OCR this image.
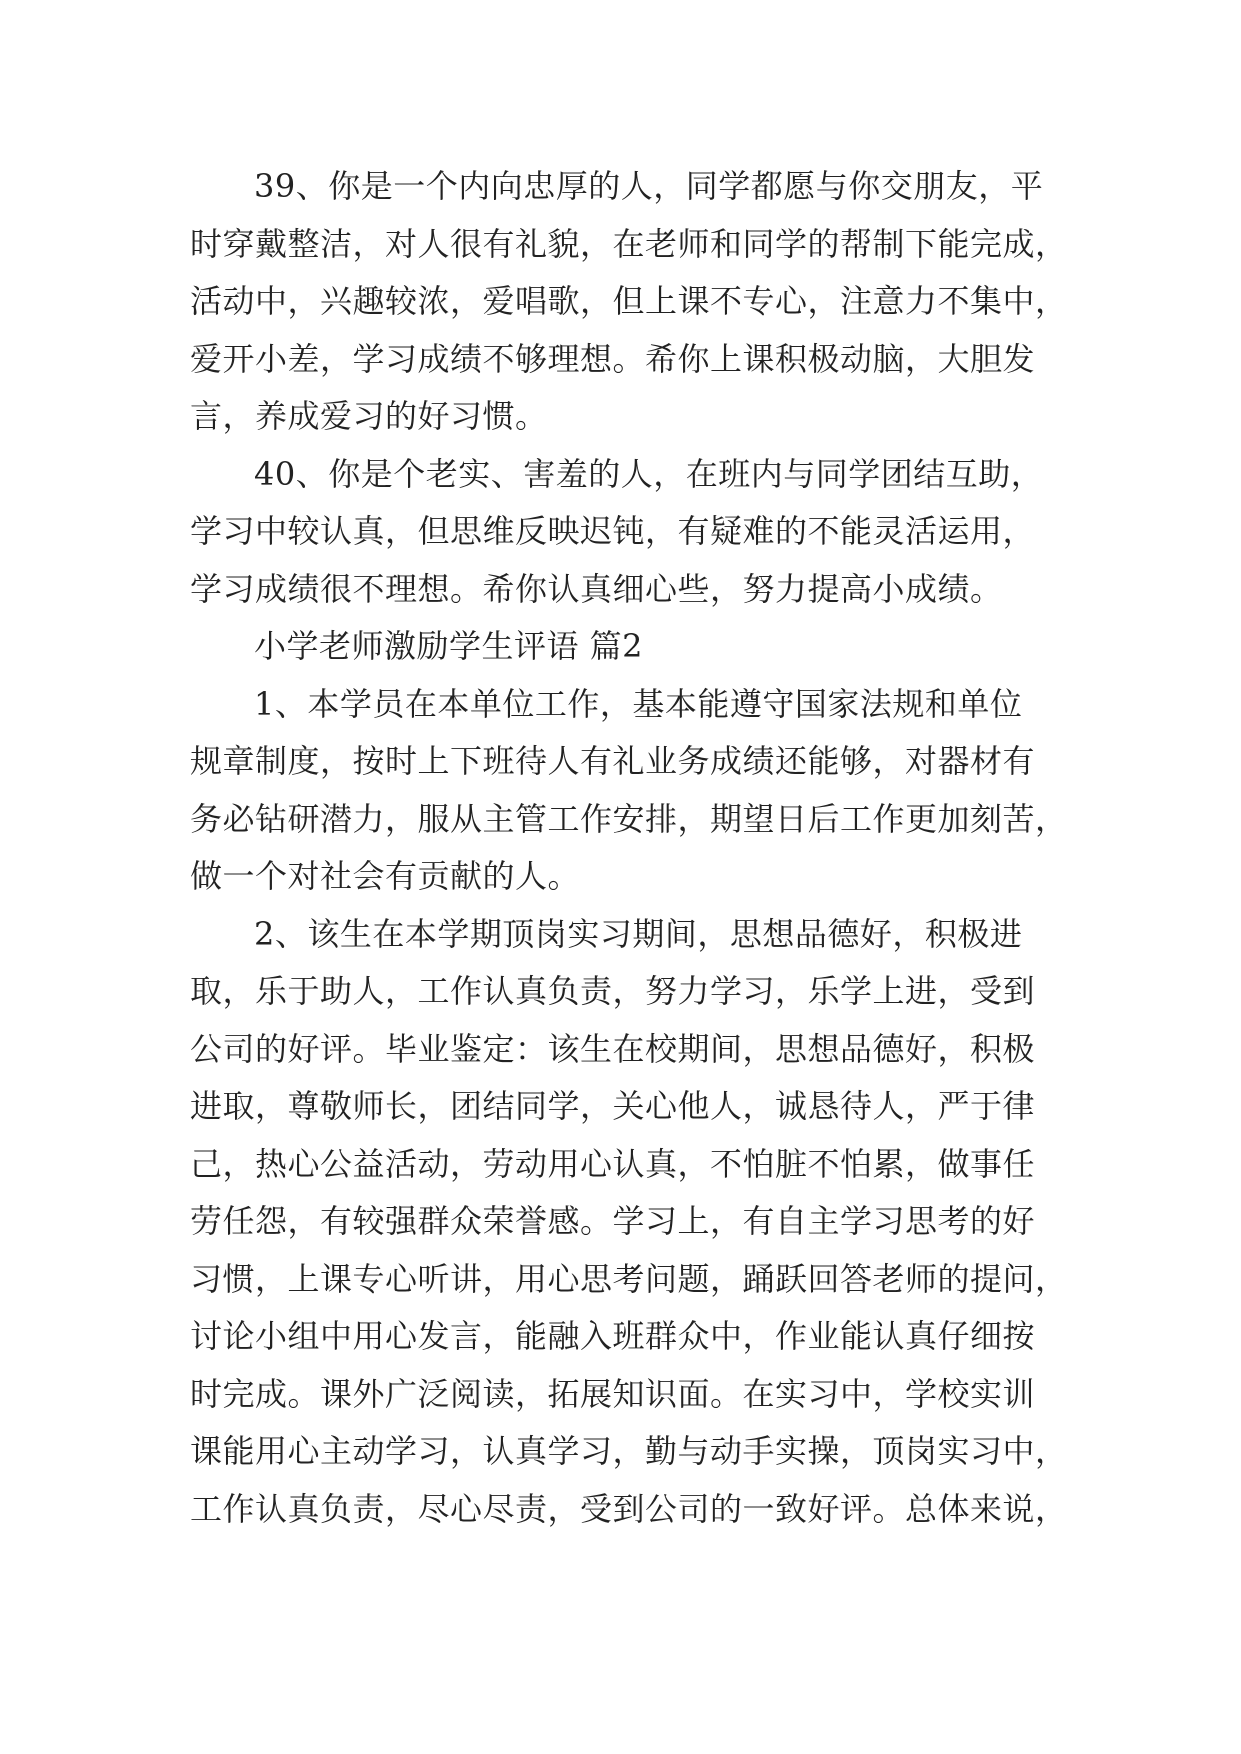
39、你是一个内向忠厚的人，同学都愿与你交朋友，平
时穿戴整洁，对人很有礼貌，在老师和同学的帮制下能完成，
活动中，兴趣较浓，爱唱歌，但上课不专心，注意力不集中，
爱开小差，学习成绩不够理想。希你上课积极动脑，大胆发
言，养成爱习的好习惯。
40、你是个老实、害羞的人，在班内与同学团结互助，
学习中较认真，但思维反映迟钝，有疑难的不能灵活运用，
学习成绩很不理想。希你认真细心些，努力提高小成绩。
小学老师激励学生评语 篇2
1、本学员在本单位工作，基本能遵守国家法规和单位
规章制度，按时上下班待人有礼业务成绩还能够，对器材有
务必钻研潜力，服从主管工作安排，期望日后工作更加刻苦，
做一个对社会有贡献的人。
2、该生在本学期顶岗实习期间，思想品德好，积极进
取，乐于助人，工作认真负责，努力学习，乐学上进，受到
公司的好评。毕业鉴定：该生在校期间，思想品德好，积极
进取，尊敬师长，团结同学，关心他人，诚恳待人，严于律
己，热心公益活动，劳动用心认真，不怕脏不怕累，做事任
劳任怨，有较强群众荣誉感。学习上，有自主学习思考的好
习惯，上课专心听讲，用心思考问题，踊跃回答老师的提问，
讨论小组中用心发言，能融入班群众中，作业能认真仔细按
时完成。课外广泛阅读，拓展知识面。在实习中，学校实训
课能用心主动学习，认真学习，勤与动手实操，顶岗实习中，
工作认真负责，尽心尽责，受到公司的一致好评。总体来说，
